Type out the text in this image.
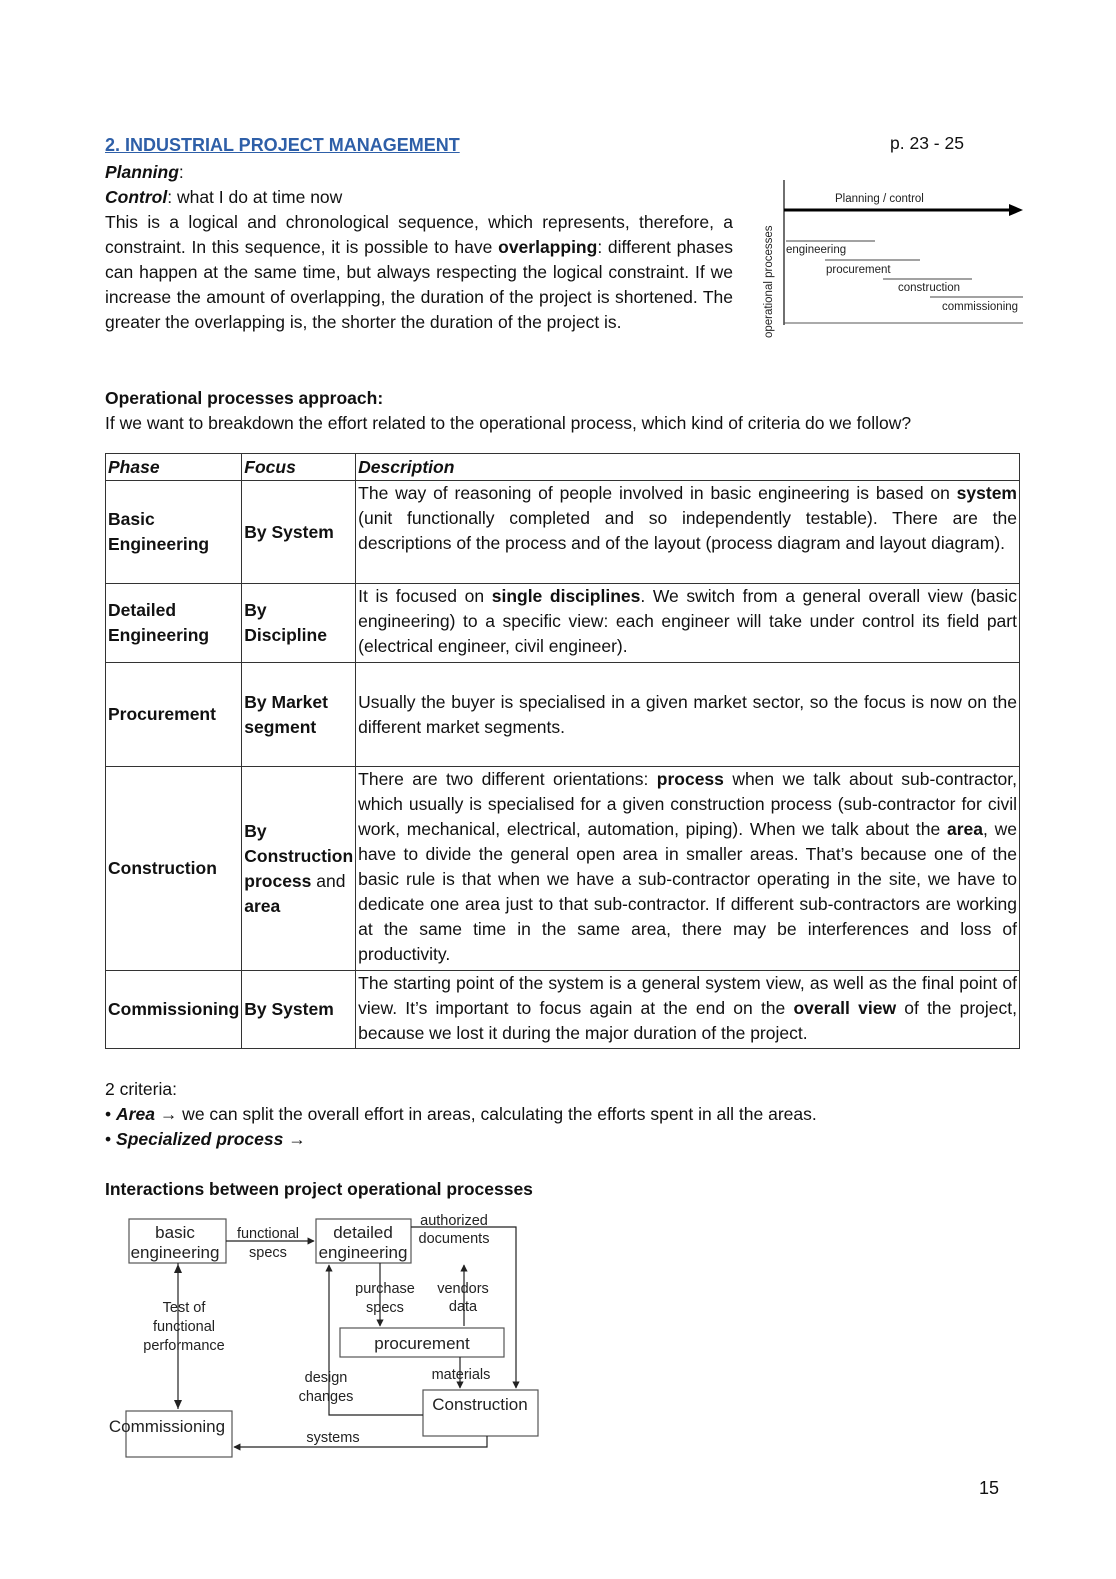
2. INDUSTRIAL PROJECT MANAGEMENT	p. 23 - 25
Planning:
Control: what I do at time now
This is a logical and chronological sequence, which represents, therefore, a constraint. In this sequence, it is possible to have overlapping: different phases can happen at the same time, but always respecting the logical constraint. If we increase the amount of overlapping, the duration of the project is shortened. The greater the overlapping is, the shorter the duration of the project is.
Planning / control
operational processes engineering
procurement
construction
commissioning
Operational processes approach:
If we want to breakdown the effort related to the operational process, which kind of criteria do we follow?
Phase	Focus	Description
Basic Engineering	By System	The way of reasoning of people involved in basic engineering is based on system (unit functionally completed and so independently testable). There are the descriptions of the process and of the layout (process diagram and layout diagram).
Detailed Engineering	By Discipline	It is focused on single disciplines. We switch from a general overall view (basic engineering) to a specific view: each engineer will take under control its field part (electrical engineer, civil engineer).
Procurement	By Market segment	Usually the buyer is specialised in a given market sector, so the focus is now on the different market segments.
Construction	By Construction process and area	There are two different orientations: process when we talk about sub-contractor, which usually is specialised for a given construction process (sub-contractor for civil work, mechanical, electrical, automation, piping). When we talk about the area, we have to divide the general open area in smaller areas. That’s because one of the basic rule is that when we have a sub-contractor operating in the site, we have to dedicate one area just to that sub-contractor. If different sub-contractors are working at the same time in the same area, there may be interferences and loss of productivity.
Commissioning	By System	The starting point of the system is a general system view, as well as the final point of view. It’s important to focus again at the end on the overall view of the project, because we lost it during the major duration of the project.
2 criteria:
• Area → we can split the overall effort in areas, calculating the efforts spent in all the areas.
• Specialized process →
Interactions between project operational processes
basic
engineering
detailed
engineering
procurement
Construction
Commissioning
functional
specs
authorized
documents
purchase
specs
vendors
data
Test of
functional
performance
design
changes
materials
systems
15
